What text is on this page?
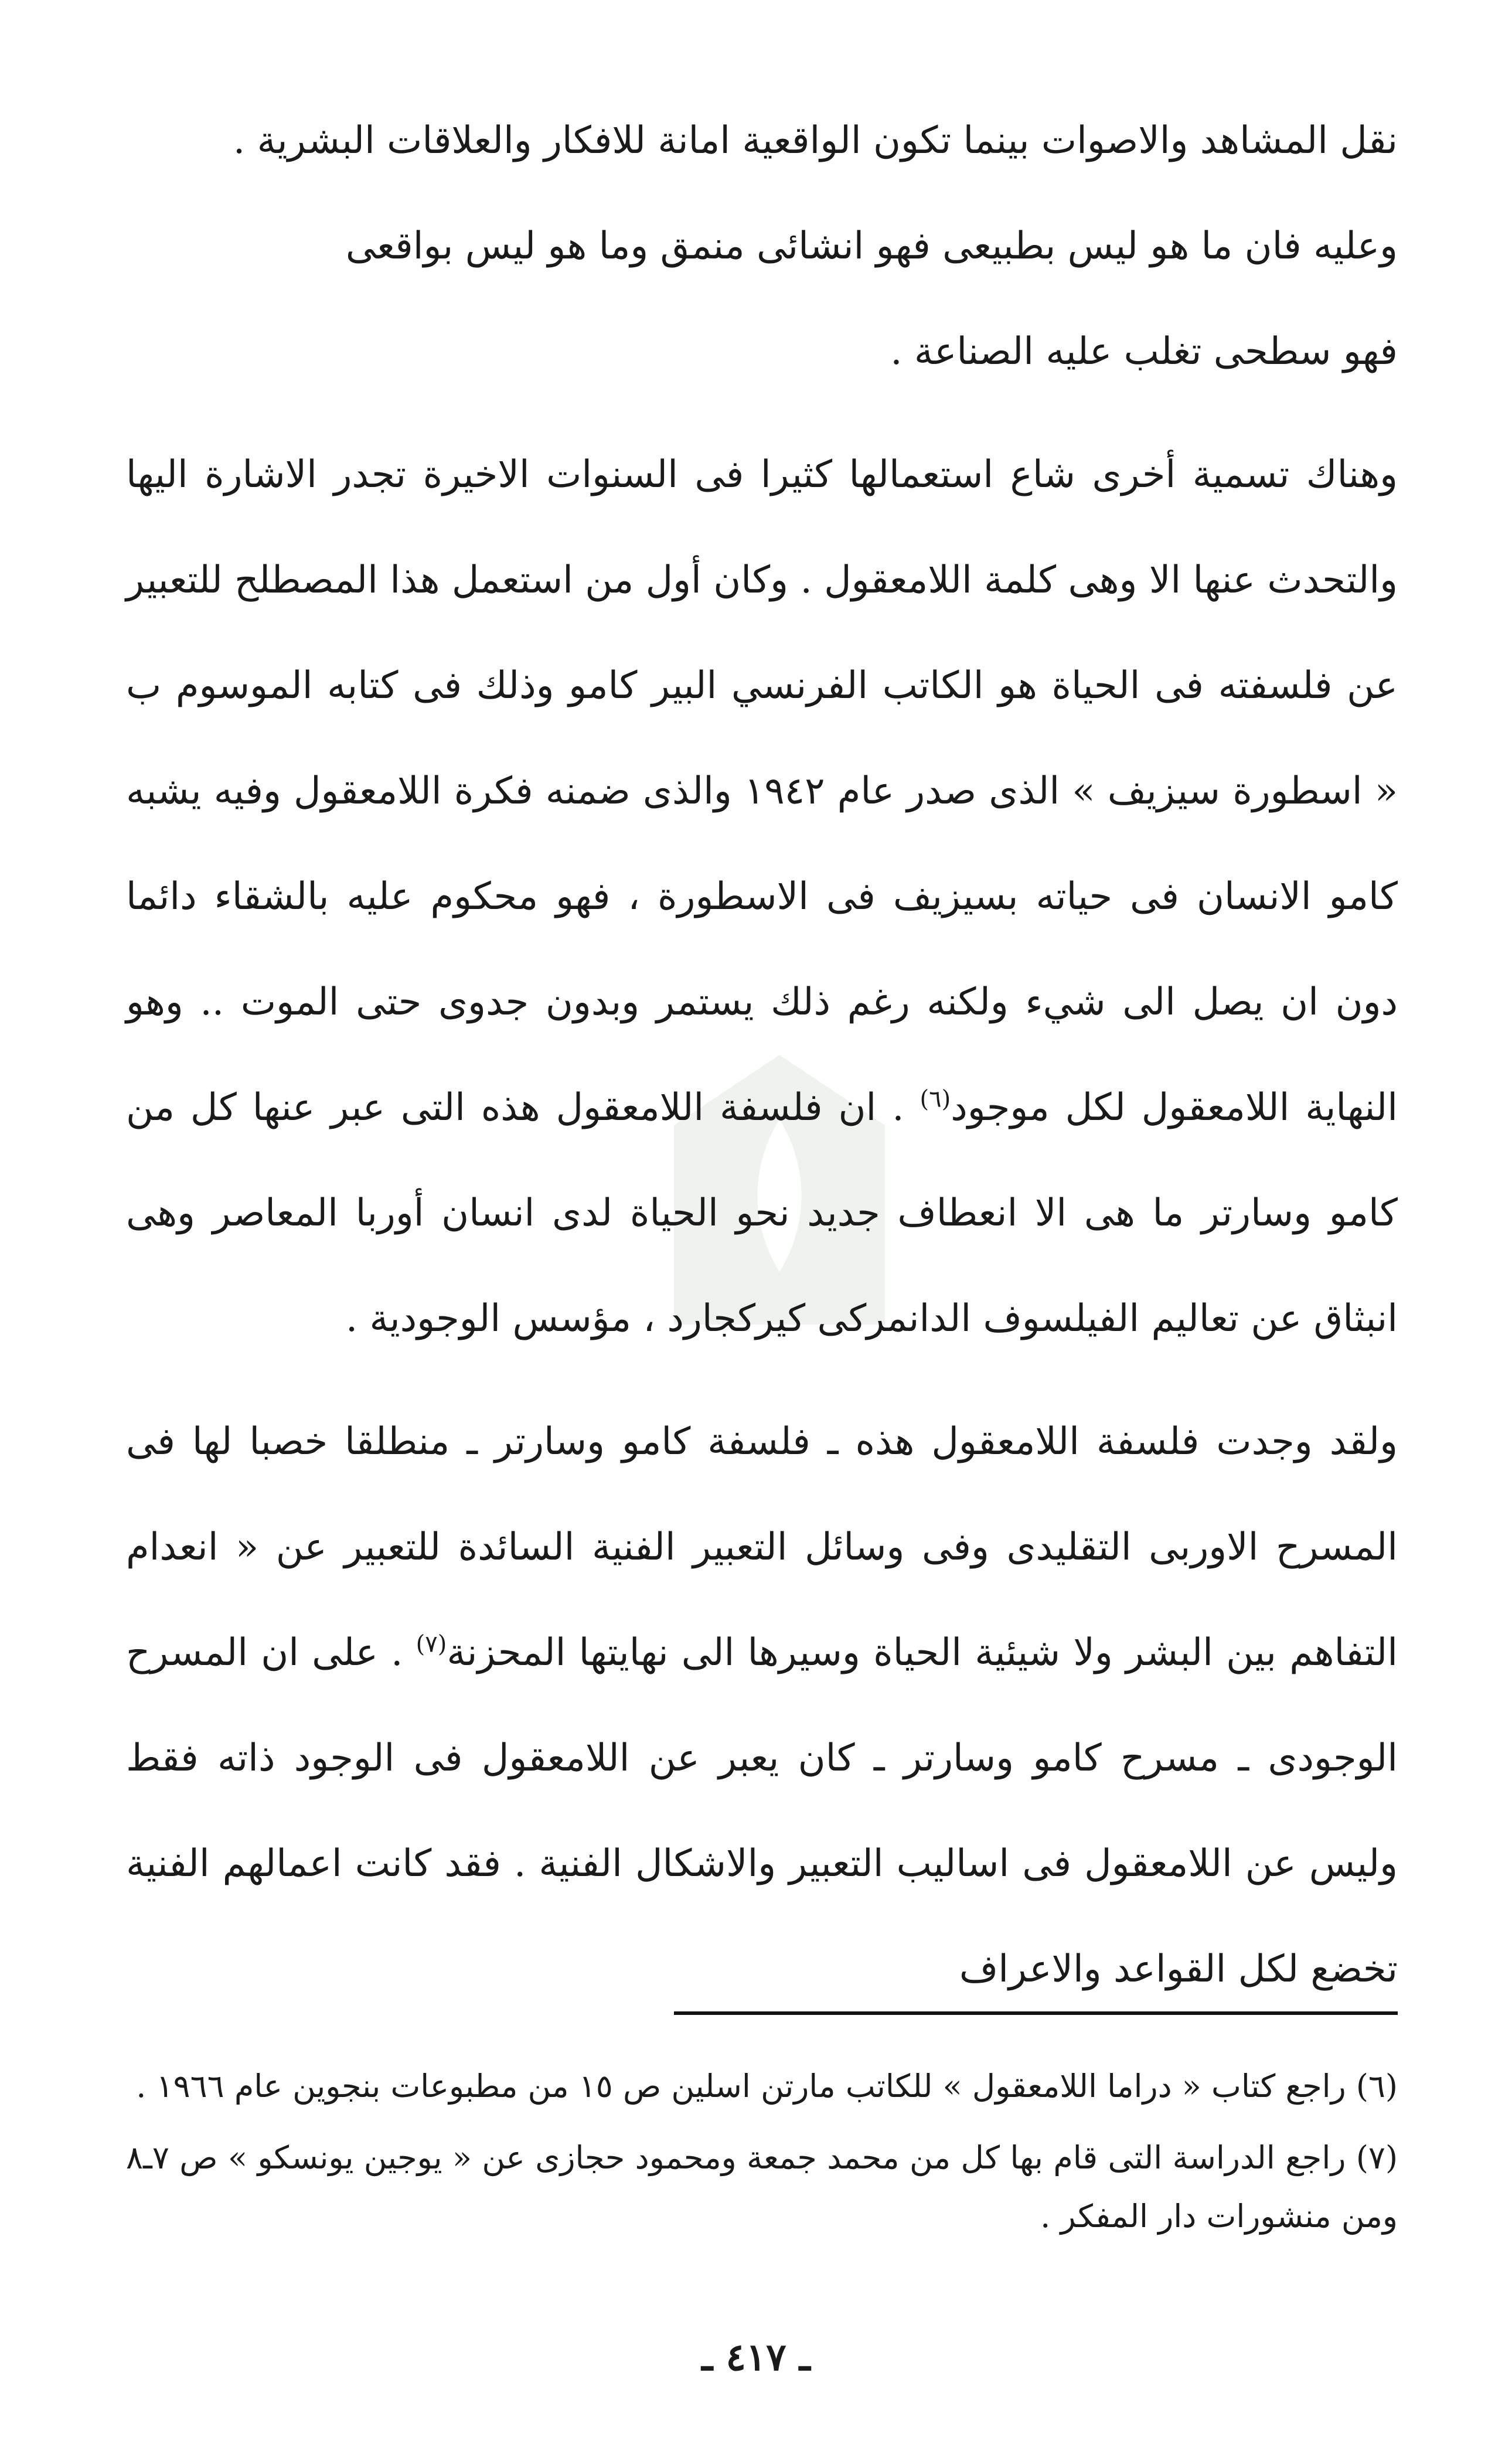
نقل المشاهد والاصوات بينما تكون الواقعية امانة للافكار والعلاقات البشرية .
وعليه فان ما هو ليس بطبيعى فهو انشائى منمق وما هو ليس بواقعى
فهو سطحى تغلب عليه الصناعة .

وهناك تسمية أخرى شاع استعمالها كثيرا فى السنوات الاخيرة تجدر الاشارة اليها والتحدث عنها الا وهى كلمة اللامعقول . وكان أول من استعمل هذا المصطلح للتعبير عن فلسفته فى الحياة هو الكاتب الفرنسي البير كامو وذلك فى كتابه الموسوم ب « اسطورة سيزيف » الذى صدر عام ١٩٤٢ والذى ضمنه فكرة اللامعقول وفيه يشبه كامو الانسان فى حياته بسيزيف فى الاسطورة ، فهو محكوم عليه بالشقاء دائما دون ان يصل الى شيء ولكنه رغم ذلك يستمر وبدون جدوى حتى الموت .. وهو النهاية اللامعقول لكل موجود$^{(٦)}$ . ان فلسفة اللامعقول هذه التى عبر عنها كل من كامو وسارتر ما هى الا انعطاف جديد نحو الحياة لدى انسان أوربا المعاصر وهى انبثاق عن تعاليم الفيلسوف الدانمركى كيركجارد ، مؤسس الوجودية .

ولقد وجدت فلسفة اللامعقول هذه ـ فلسفة كامو وسارتر ـ منطلقا خصبا لها فى المسرح الاوربى التقليدى وفى وسائل التعبير الفنية السائدة للتعبير عن « انعدام التفاهم بين البشر ولا شيئية الحياة وسيرها الى نهايتها المحزنة$^{(٧)}$ . على ان المسرح الوجودى ـ مسرح كامو وسارتر ـ كان يعبر عن اللامعقول فى الوجود ذاته فقط وليس عن اللامعقول فى اساليب التعبير والاشكال الفنية . فقد كانت اعمالهم الفنية تخضع لكل القواعد والاعراف

(٦) راجع كتاب « دراما اللامعقول » للكاتب مارتن اسلين ص ١٥ من مطبوعات بنجوين عام ١٩٦٦ .

(٧) راجع الدراسة التى قام بها كل من محمد جمعة ومحمود حجازى عن « يوجين يونسكو » ص ٧ـ٨ ومن منشورات دار المفكر .

ـ ٤١٧ ـ
